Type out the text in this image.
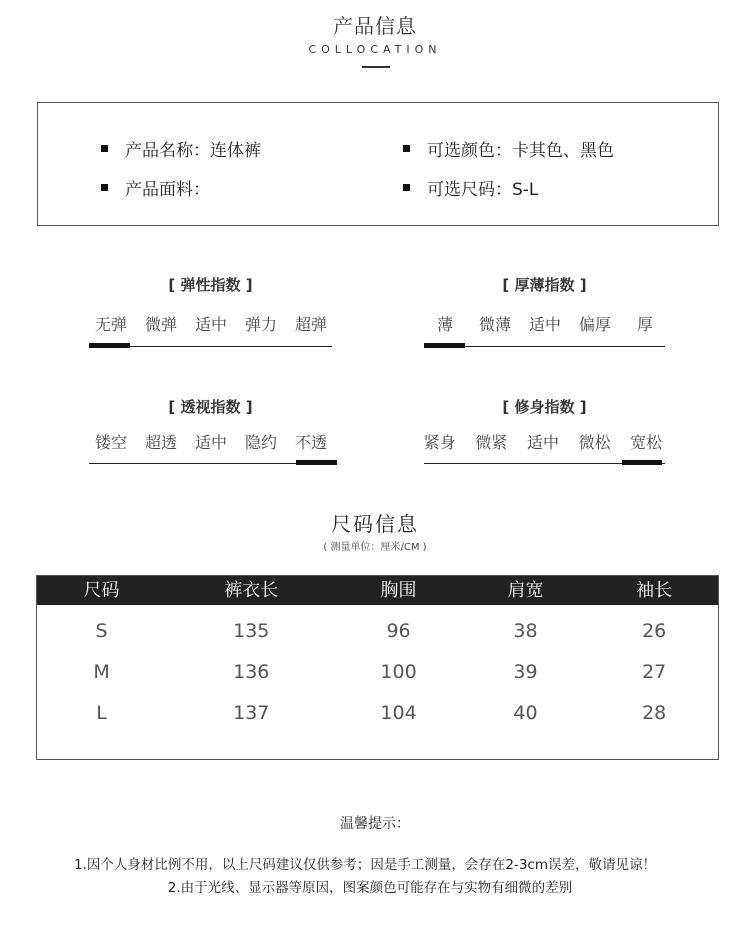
产品信息
COLLOCATION
产品名称：连体裤
产品面料：
可选颜色：卡其色、黑色
可选尺码：S-L
[ 弹性指数 ]
无弹	微弹	适中	弹力	超弹
[ 厚薄指数 ]
薄	微薄	适中	偏厚	厚
[ 透视指数 ]
镂空	超透	适中	隐约	不透
[ 修身指数 ]
紧身	微紧	适中	微松	宽松
尺码信息
( 测量单位：厘米/CM )
尺码	裤衣长	胸围	肩宽	袖长
S	135	96	38	26
M	136	100	39	27
L	137	104	40	28
温馨提示：
1.因个人身材比例不用，以上尺码建议仅供参考；因是手工测量，会存在2-3cm误差，敬请见谅！
2.由于光线、显示器等原因，图案颜色可能存在与实物有细微的差别
